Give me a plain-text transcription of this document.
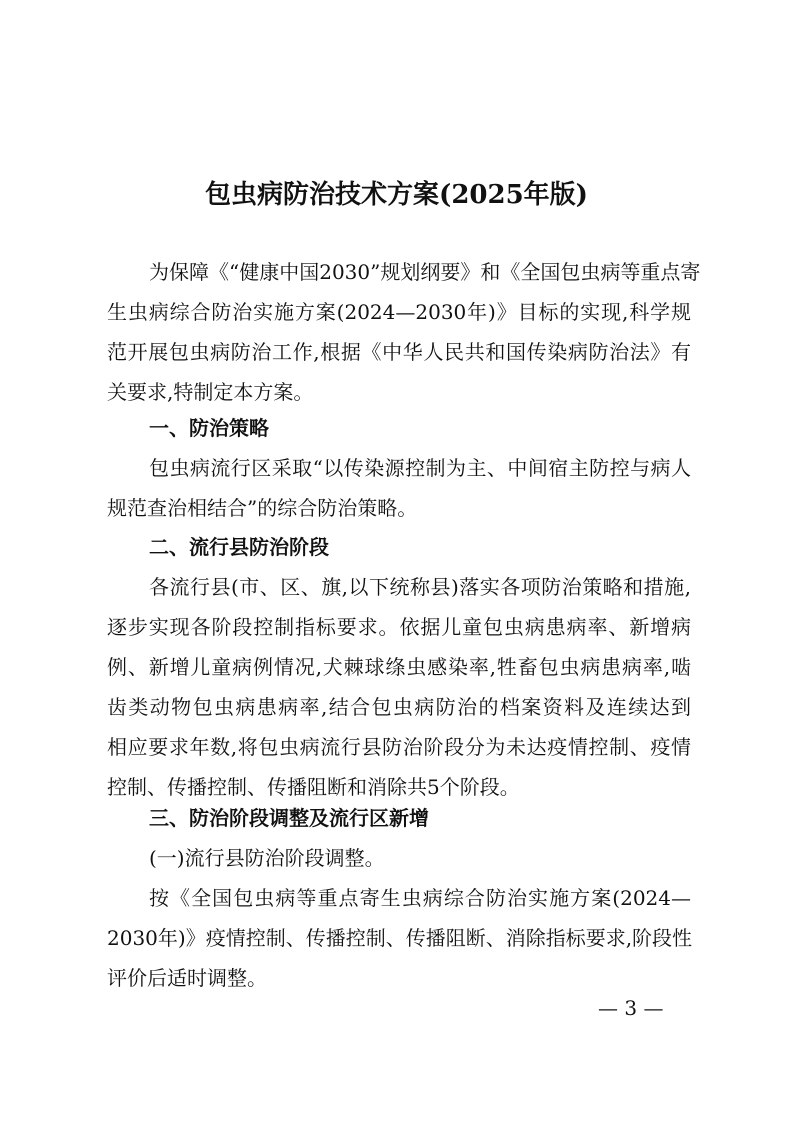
包虫病防治技术方案(2025年版)
为保障《“健康中国2030”规划纲要》和《全国包虫病等重点寄
生虫病综合防治实施方案(2024—2030年)》目标的实现,科学规
范开展包虫病防治工作,根据《中华人民共和国传染病防治法》有
关要求,特制定本方案。
一、防治策略
包虫病流行区采取“以传染源控制为主、中间宿主防控与病人
规范查治相结合”的综合防治策略。
二、流行县防治阶段
各流行县(市、区、旗,以下统称县)落实各项防治策略和措施,
逐步实现各阶段控制指标要求。依据儿童包虫病患病率、新增病
例、新增儿童病例情况,犬棘球绦虫感染率,牲畜包虫病患病率,啮
齿类动物包虫病患病率,结合包虫病防治的档案资料及连续达到
相应要求年数,将包虫病流行县防治阶段分为未达疫情控制、疫情
控制、传播控制、传播阻断和消除共5个阶段。
三、防治阶段调整及流行区新增
(一)流行县防治阶段调整。
按《全国包虫病等重点寄生虫病综合防治实施方案(2024—
2030年)》疫情控制、传播控制、传播阻断、消除指标要求,阶段性
评价后适时调整。
— 3 —
